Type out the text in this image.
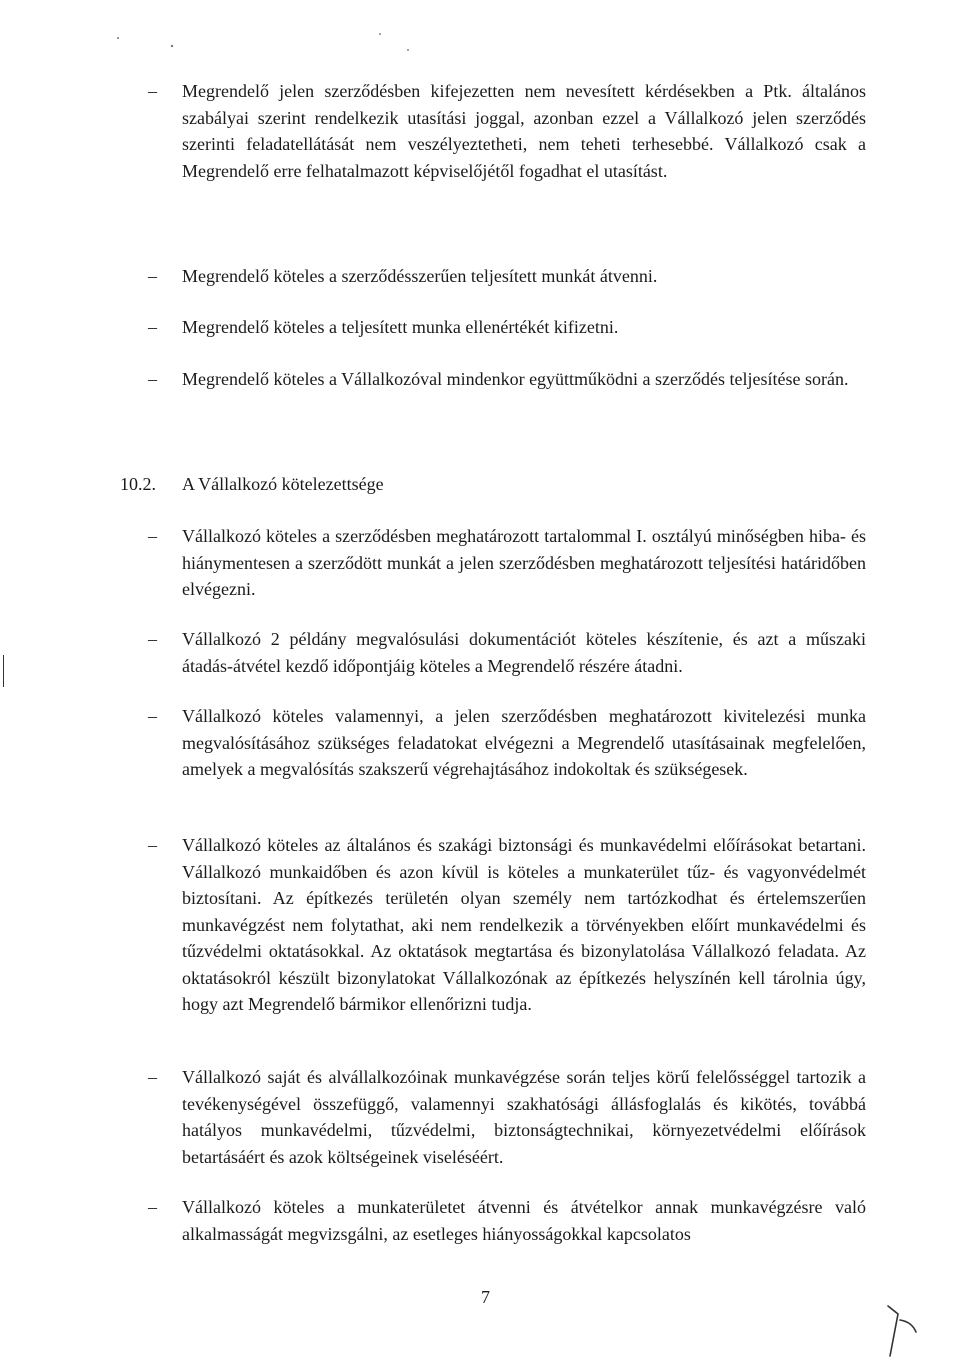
– Megrendelő jelen szerződésben kifejezetten nem nevesített kérdésekben a Ptk. általános szabályai szerint rendelkezik utasítási joggal, azonban ezzel a Vállalkozó jelen szerződés szerinti feladatellátását nem veszélyeztetheti, nem teheti terhesebbé. Vállalkozó csak a Megrendelő erre felhatalmazott képviselőjétől fogadhat el utasítást.
– Megrendelő köteles a szerződésszerűen teljesített munkát átvenni.
– Megrendelő köteles a teljesített munka ellenértékét kifizetni.
– Megrendelő köteles a Vállalkozóval mindenkor együttműködni a szerződés teljesítése során.
10.2. A Vállalkozó kötelezettsége
– Vállalkozó köteles a szerződésben meghatározott tartalommal I. osztályú minőségben hiba- és hiánymentesen a szerződött munkát a jelen szerződésben meghatározott teljesítési határidőben elvégezni.
– Vállalkozó 2 példány megvalósulási dokumentációt köteles készítenie, és azt a műszaki átadás-átvétel kezdő időpontjáig köteles a Megrendelő részére átadni.
– Vállalkozó köteles valamennyi, a jelen szerződésben meghatározott kivitelezési munka megvalósításához szükséges feladatokat elvégezni a Megrendelő utasításainak megfelelően, amelyek a megvalósítás szakszerű végrehajtásához indokoltak és szükségesek.
– Vállalkozó köteles az általános és szakági biztonsági és munkavédelmi előírásokat betartani. Vállalkozó munkaidőben és azon kívül is köteles a munkaterület tűz- és vagyonvédelmét biztosítani. Az építkezés területén olyan személy nem tartózkodhat és értelemszerűen munkavégzést nem folytathat, aki nem rendelkezik a törvényekben előírt munkavédelmi és tűzvédelmi oktatásokkal. Az oktatások megtartása és bizonylatolása Vállalkozó feladata. Az oktatásokról készült bizonylatokat Vállalkozónak az építkezés helyszínén kell tárolnia úgy, hogy azt Megrendelő bármikor ellenőrizni tudja.
– Vállalkozó saját és alvállalkozóinak munkavégzése során teljes körű felelősséggel tartozik a tevékenységével összefüggő, valamennyi szakhatósági állásfoglalás és kikötés, továbbá hatályos munkavédelmi, tűzvédelmi, biztonságtechnikai, környezetvédelmi előírások betartásáért és azok költségeinek viseléséért.
– Vállalkozó köteles a munkaterületet átvenni és átvételkor annak munkavégzésre való alkalmasságát megvizsgálni, az esetleges hiányosságokkal kapcsolatos
7
